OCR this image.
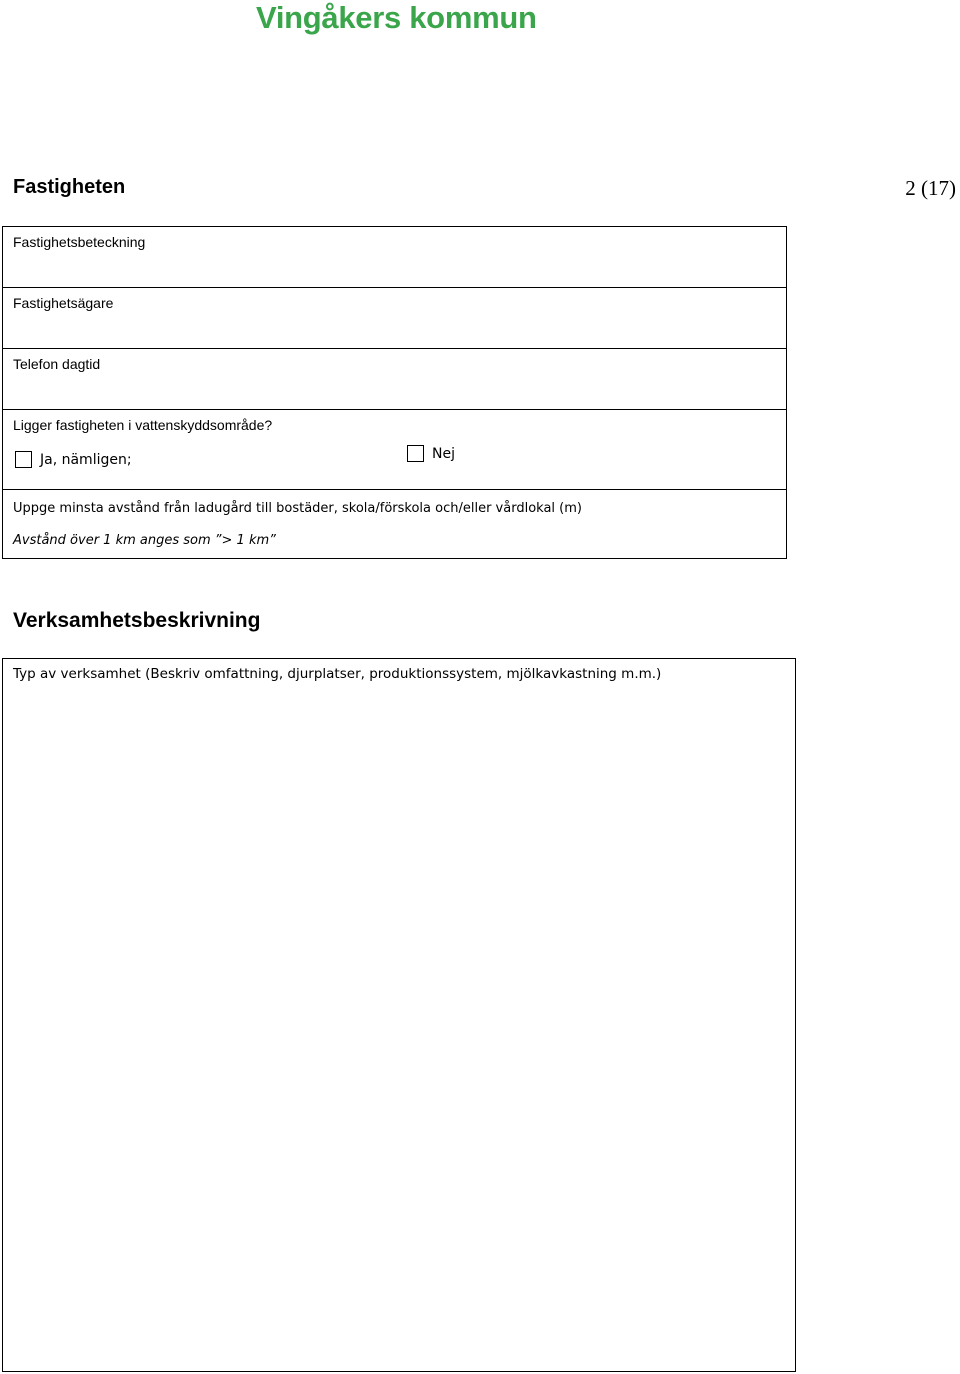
Vingåkers kommun
Fastigheten	2 (17)
Fastighetsbeteckning
Fastighetsägare
Telefon dagtid
Ligger fastigheten i vattenskyddsområde?
Ja, nämligen;	Nej
Uppge minsta avstånd från ladugård till bostäder, skola/förskola och/eller vårdlokal (m)
Avstånd över 1 km anges som ”> 1 km”
Verksamhetsbeskrivning
Typ av verksamhet (Beskriv omfattning, djurplatser, produktionssystem, mjölkavkastning m.m.)
